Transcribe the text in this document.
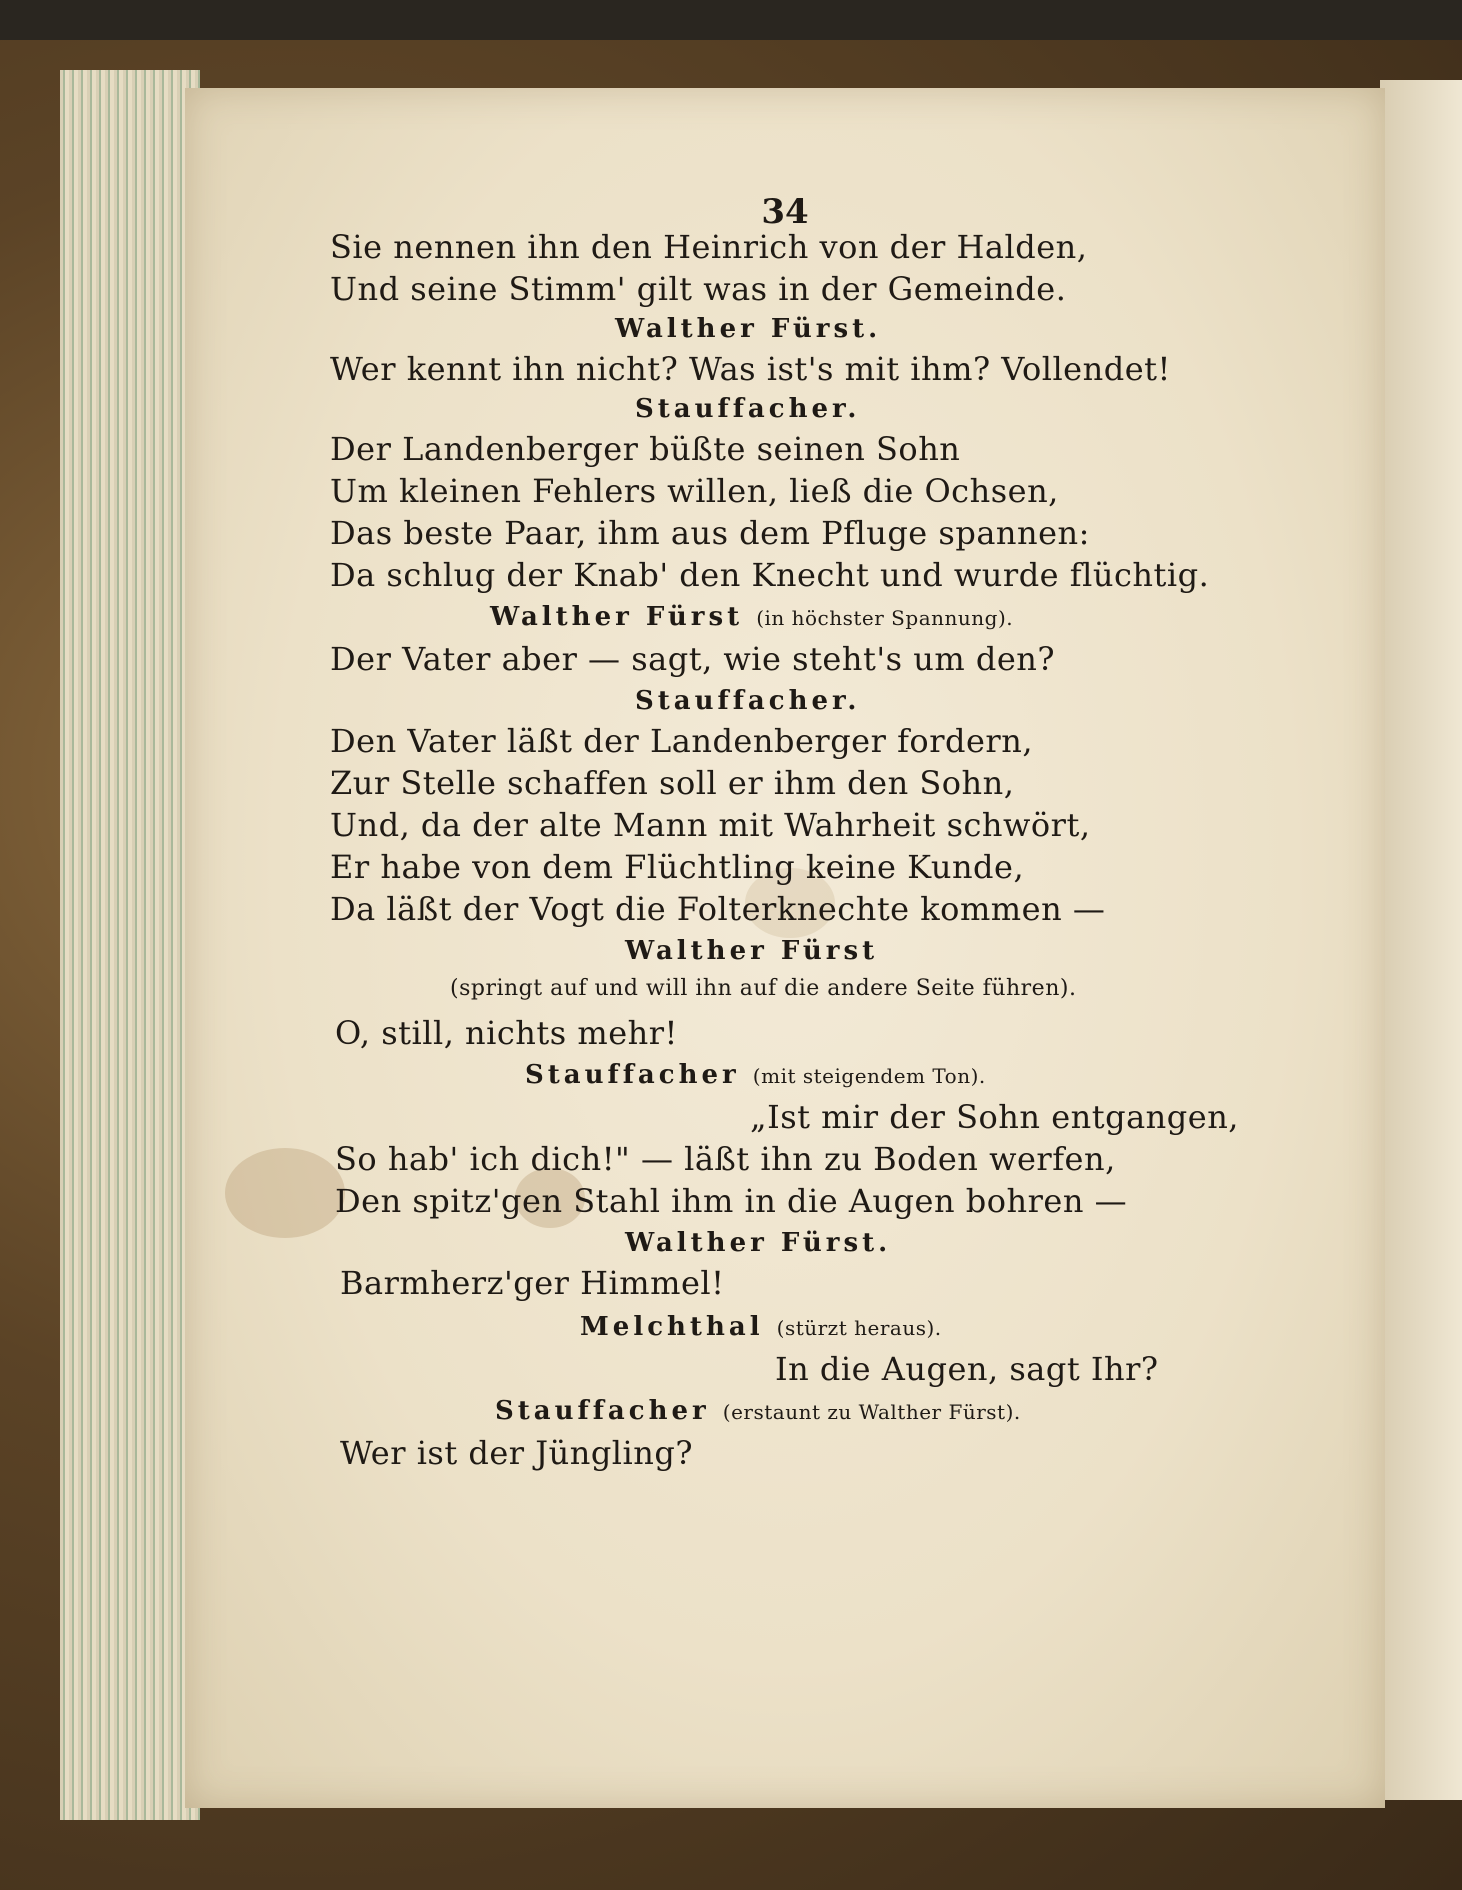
34
Sie nennen ihn den Heinrich von der Halden,
Und seine Stimm' gilt was in der Gemeinde.
Walther Fürst.
Wer kennt ihn nicht? Was ist's mit ihm? Vollendet!
Stauffacher.
Der Landenberger büßte seinen Sohn
Um kleinen Fehlers willen, ließ die Ochsen,
Das beste Paar, ihm aus dem Pfluge spannen:
Da schlug der Knab' den Knecht und wurde flüchtig.
Walther Fürst (in höchster Spannung).
Der Vater aber — sagt, wie steht's um den?
Stauffacher.
Den Vater läßt der Landenberger fordern,
Zur Stelle schaffen soll er ihm den Sohn,
Und, da der alte Mann mit Wahrheit schwört,
Er habe von dem Flüchtling keine Kunde,
Da läßt der Vogt die Folterknechte kommen —
Walther Fürst
(springt auf und will ihn auf die andere Seite führen).
O, still, nichts mehr!
Stauffacher (mit steigendem Ton).
„Ist mir der Sohn entgangen,
So hab' ich dich!" — läßt ihn zu Boden werfen,
Den spitz'gen Stahl ihm in die Augen bohren —
Walther Fürst.
Barmherz'ger Himmel!
Melchthal (stürzt heraus).
In die Augen, sagt Ihr?
Stauffacher (erstaunt zu Walther Fürst).
Wer ist der Jüngling?
